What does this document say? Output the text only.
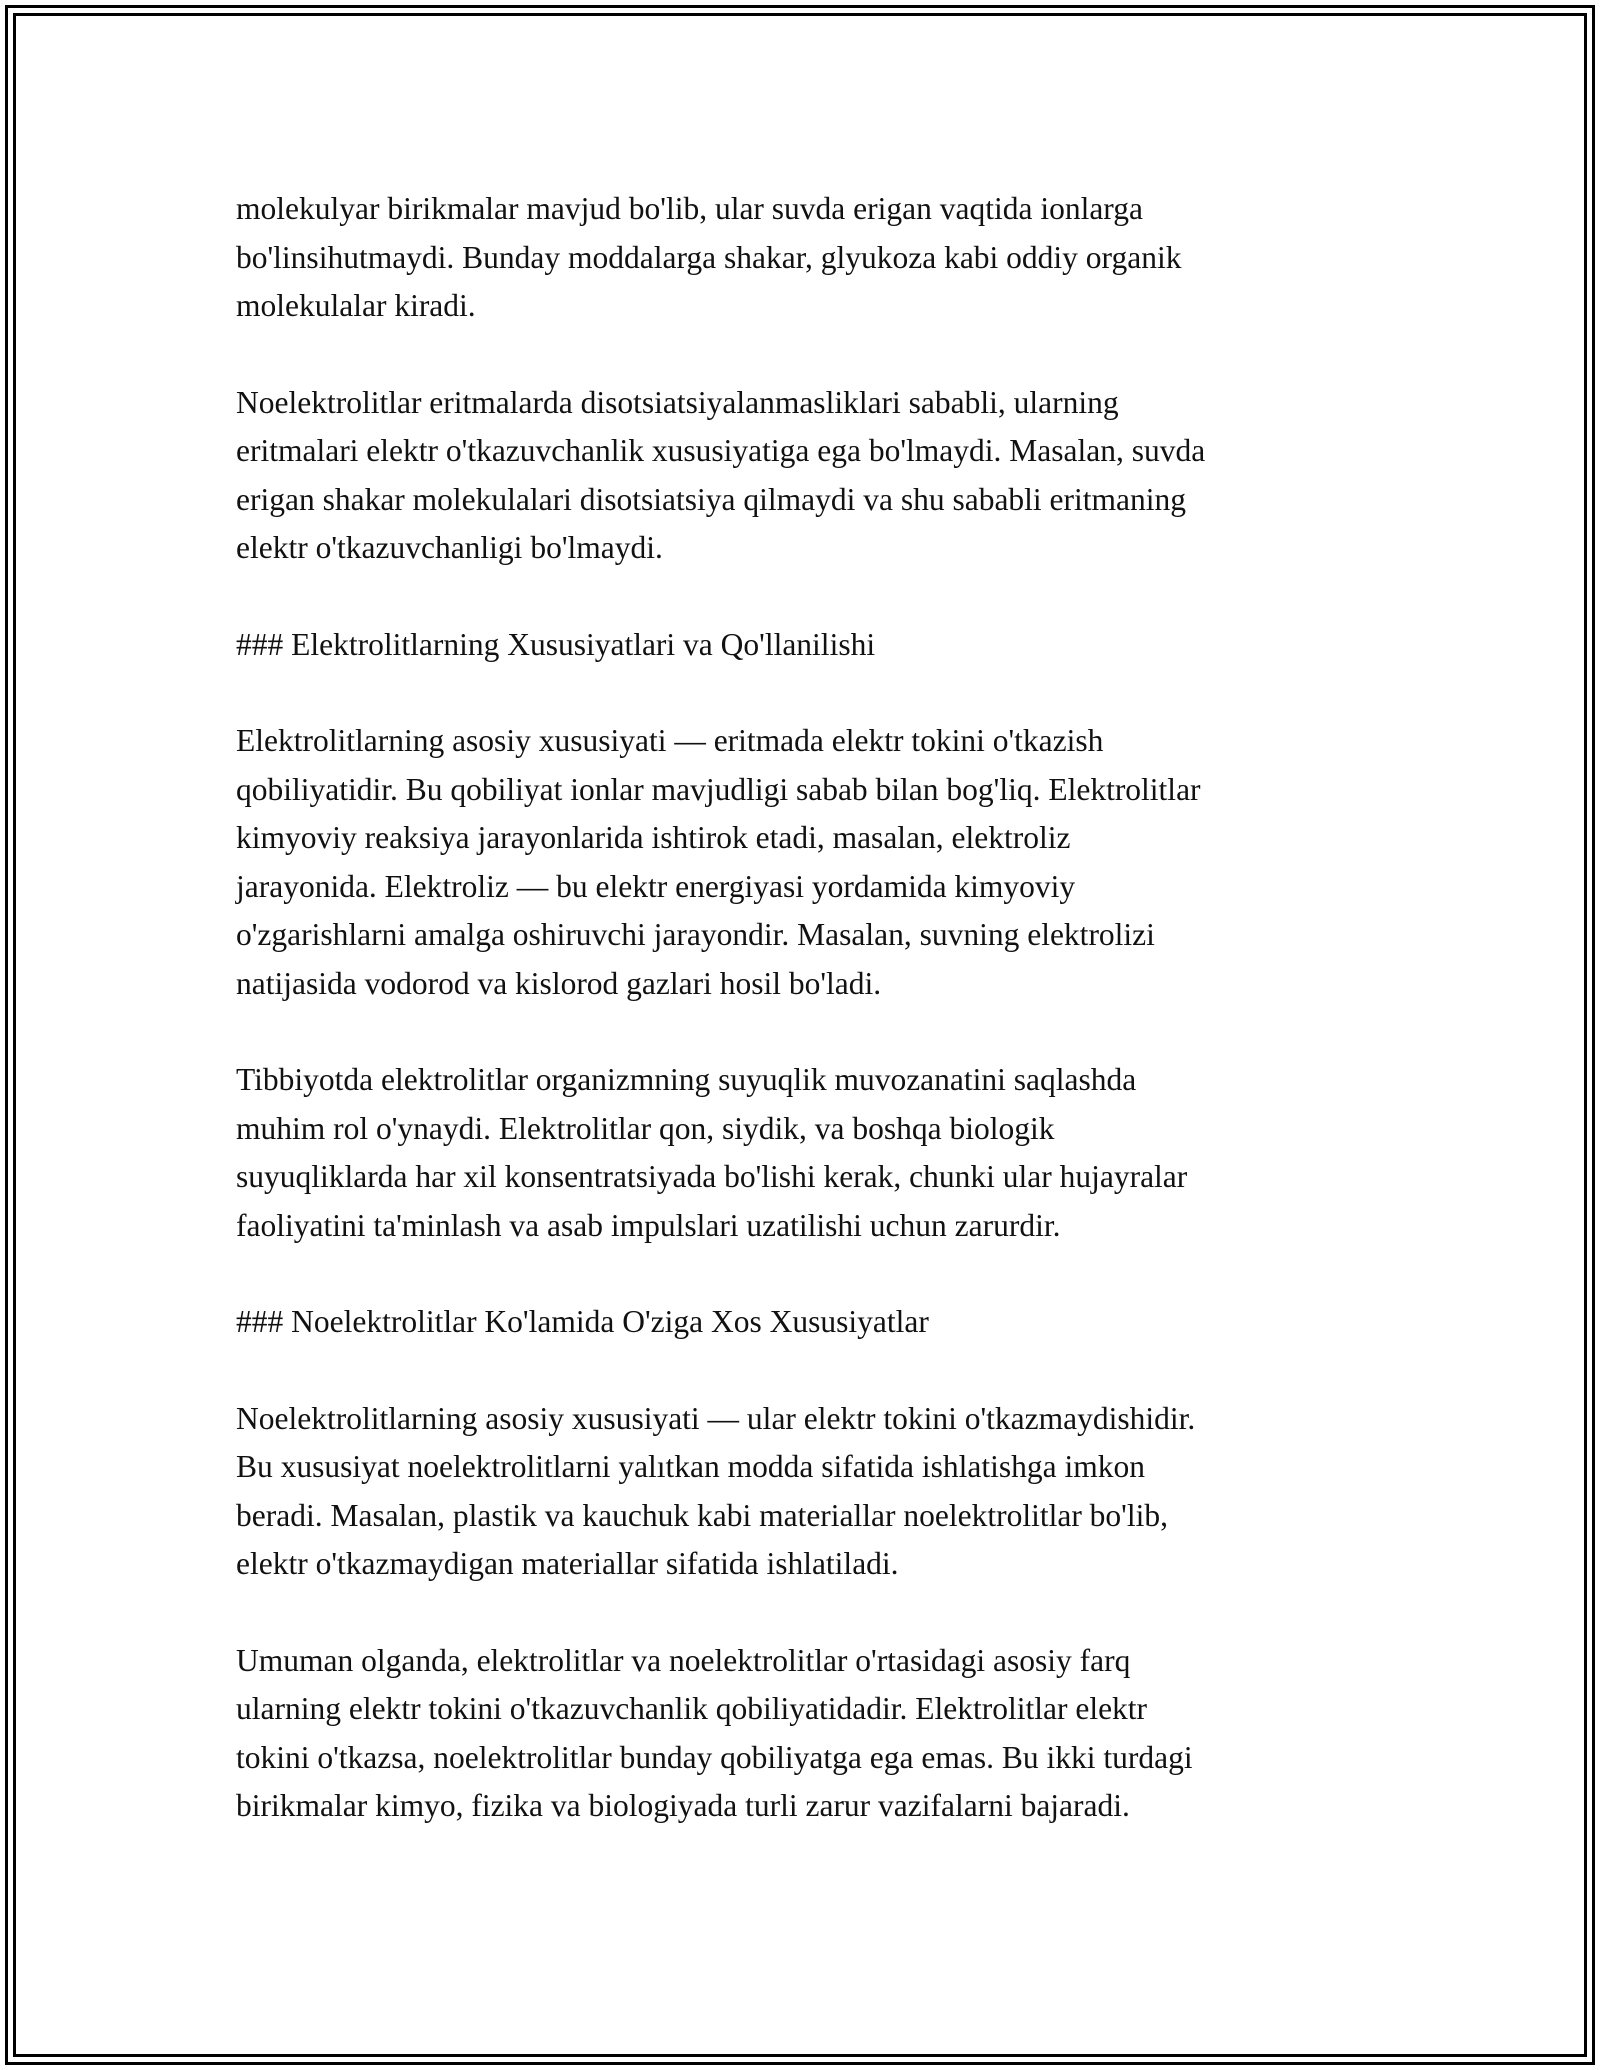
molekulyar birikmalar mavjud bo'lib, ular suvda erigan vaqtida ionlarga
bo'linsihutmaydi. Bunday moddalarga shakar, glyukoza kabi oddiy organik
molekulalar kiradi.

Noelektrolitlar eritmalarda disotsiatsiyalanmasliklari sababli, ularning
eritmalari elektr o'tkazuvchanlik xususiyatiga ega bo'lmaydi. Masalan, suvda
erigan shakar molekulalari disotsiatsiya qilmaydi va shu sababli eritmaning
elektr o'tkazuvchanligi bo'lmaydi.

### Elektrolitlarning Xususiyatlari va Qo'llanilishi

Elektrolitlarning asosiy xususiyati — eritmada elektr tokini o'tkazish
qobiliyatidir. Bu qobiliyat ionlar mavjudligi sabab bilan bog'liq. Elektrolitlar
kimyoviy reaksiya jarayonlarida ishtirok etadi, masalan, elektroliz
jarayonida. Elektroliz — bu elektr energiyasi yordamida kimyoviy
o'zgarishlarni amalga oshiruvchi jarayondir. Masalan, suvning elektrolizi
natijasida vodorod va kislorod gazlari hosil bo'ladi.

Tibbiyotda elektrolitlar organizmning suyuqlik muvozanatini saqlashda
muhim rol o'ynaydi. Elektrolitlar qon, siydik, va boshqa biologik
suyuqliklarda har xil konsentratsiyada bo'lishi kerak, chunki ular hujayralar
faoliyatini ta'minlash va asab impulslari uzatilishi uchun zarurdir.

### Noelektrolitlar Ko'lamida O'ziga Xos Xususiyatlar

Noelektrolitlarning asosiy xususiyati — ular elektr tokini o'tkazmaydishidir.
Bu xususiyat noelektrolitlarni yalıtkan modda sifatida ishlatishga imkon
beradi. Masalan, plastik va kauchuk kabi materiallar noelektrolitlar bo'lib,
elektr o'tkazmaydigan materiallar sifatida ishlatiladi.

Umuman olganda, elektrolitlar va noelektrolitlar o'rtasidagi asosiy farq
ularning elektr tokini o'tkazuvchanlik qobiliyatidadir. Elektrolitlar elektr
tokini o'tkazsa, noelektrolitlar bunday qobiliyatga ega emas. Bu ikki turdagi
birikmalar kimyo, fizika va biologiyada turli zarur vazifalarni bajaradi.
